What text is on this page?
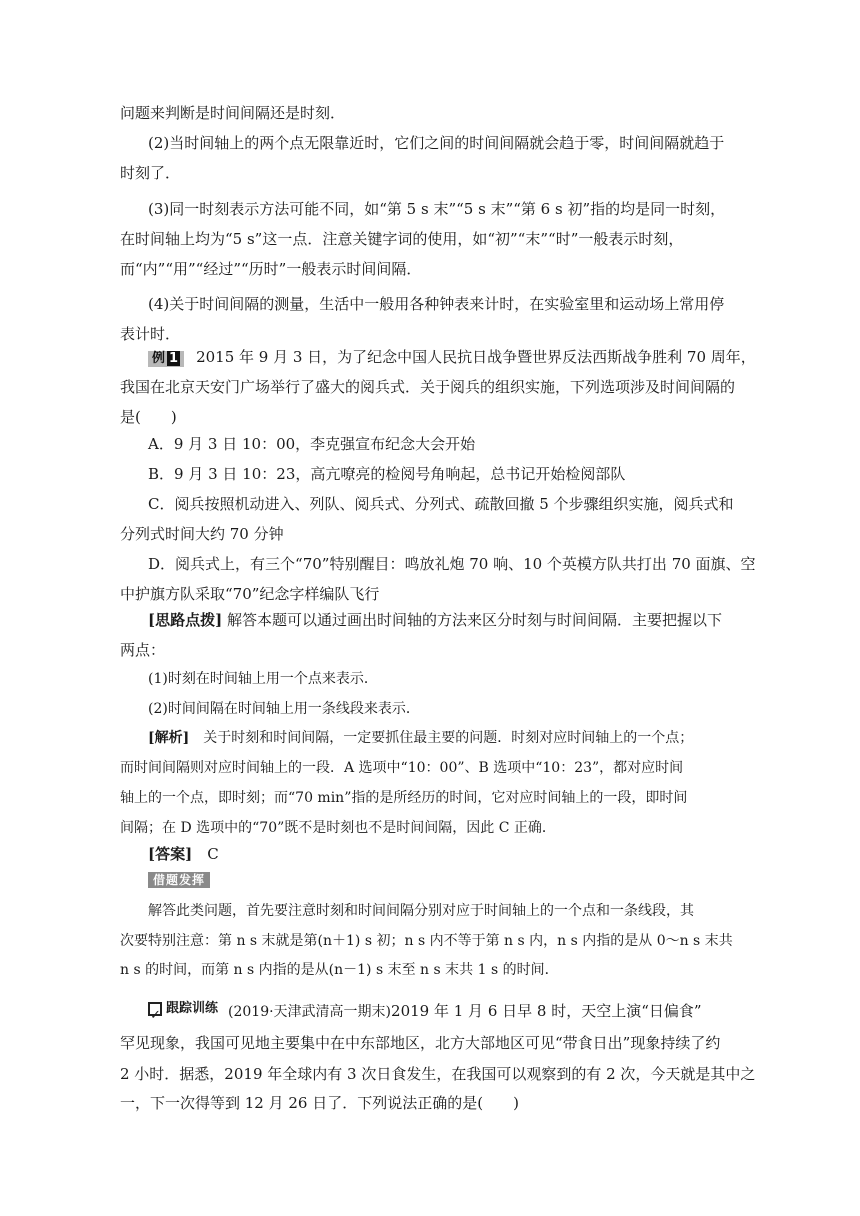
问题来判断是时间间隔还是时刻．

(2)当时间轴上的两个点无限靠近时，它们之间的时间间隔就会趋于零，时间间隔就趋于

时刻了．

(3)同一时刻表示方法可能不同，如“第 5 s 末”“5 s 末”“第 6 s 初”指的均是同一时刻，

在时间轴上均为“5 s”这一点．注意关键字词的使用，如“初”“末”“时”一般表示时刻，

而“内”“用”“经过”“历时”一般表示时间间隔．

(4)关于时间间隔的测量，生活中一般用各种钟表来计时，在实验室里和运动场上常用停

表计时．

例 1 2015 年 9 月 3 日，为了纪念中国人民抗日战争暨世界反法西斯战争胜利 70 周年，

我国在北京天安门广场举行了盛大的阅兵式．关于阅兵的组织实施，下列选项涉及时间间隔的

是(　　)

A．9 月 3 日 10：00，李克强宣布纪念大会开始

B．9 月 3 日 10：23，高亢嘹亮的检阅号角响起，总书记开始检阅部队

C．阅兵按照机动进入、列队、阅兵式、分列式、疏散回撤 5 个步骤组织实施，阅兵式和

分列式时间大约 70 分钟

D．阅兵式上，有三个“70”特别醒目：鸣放礼炮 70 响、10 个英模方队共打出 70 面旗、空

中护旗方队采取“70”纪念字样编队飞行

[思路点拨] 解答本题可以通过画出时间轴的方法来区分时刻与时间间隔．主要把握以下

两点：

(1)时刻在时间轴上用一个点来表示．

(2)时间间隔在时间轴上用一条线段来表示．

[解析]　 关于时刻和时间间隔，一定要抓住最主要的问题．时刻对应时间轴上的一个点；

而时间间隔则对应时间轴上的一段．A 选项中“10：00”、B 选项中“10：23”，都对应时间

轴上的一个点，即时刻；而“70 min”指的是所经历的时间，它对应时间轴上的一段，即时间

间隔；在 D 选项中的“70”既不是时刻也不是时间间隔，因此 C 正确．

[答案]　 C

借题发挥

解答此类问题，首先要注意时刻和时间间隔分别对应于时间轴上的一个点和一条线段，其

次要特别注意：第 n s 末就是第(n＋1) s 初；n s 内不等于第 n s 内，n s 内指的是从 0～n s 末共

n s 的时间，而第 n s 内指的是从(n－1) s 末至 n s 末共 1 s 的时间．

✓
跟踪训练 (2019·天津武清高一期末)2019 年 1 月 6 日早 8 时，天空上演“日偏食”

罕见现象，我国可见地主要集中在中东部地区，北方大部地区可见“带食日出”现象持续了约

2 小时．据悉，2019 年全球内有 3 次日食发生，在我国可以观察到的有 2 次，今天就是其中之

一，下一次得等到 12 月 26 日了．下列说法正确的是(　　)
